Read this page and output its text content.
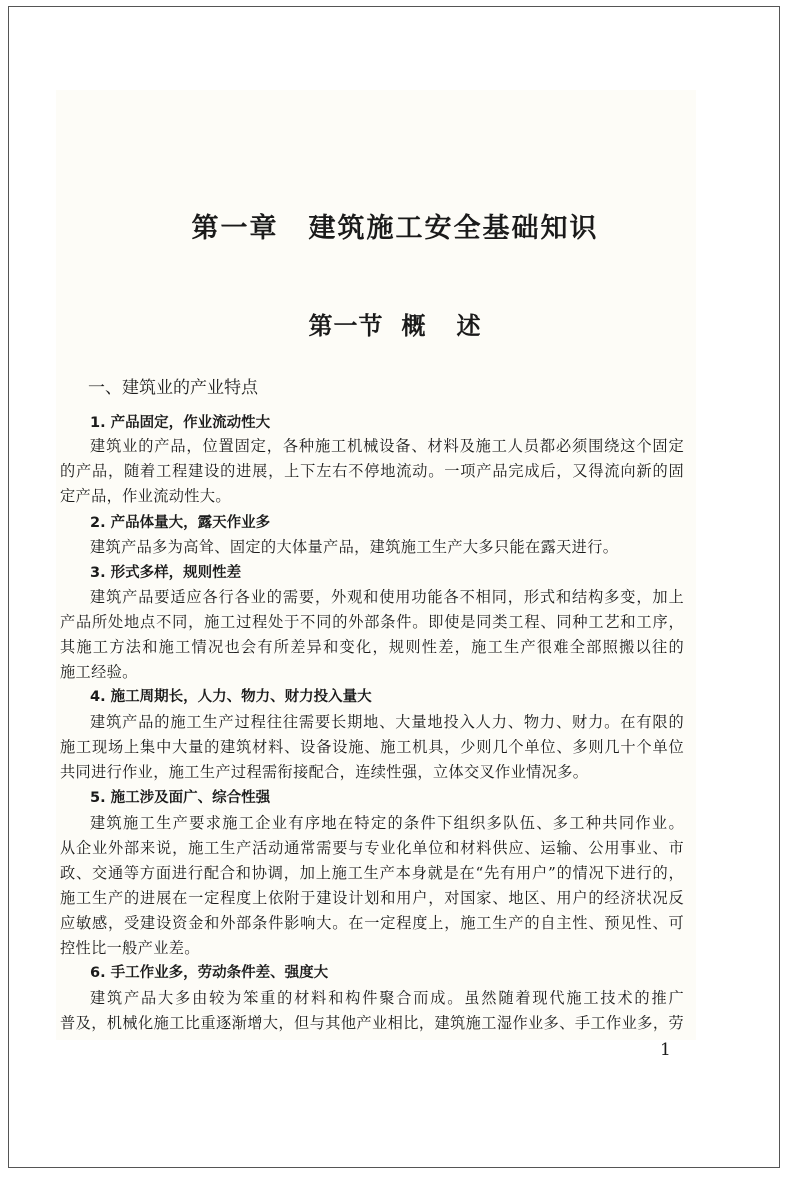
第一章 建筑施工安全基础知识
第一节 概 述
一、建筑业的产业特点
1. 产品固定，作业流动性大
建筑业的产品，位置固定，各种施工机械设备、材料及施工人员都必须围绕这个固定
的产品，随着工程建设的进展，上下左右不停地流动。一项产品完成后，又得流向新的固
定产品，作业流动性大。
2. 产品体量大，露天作业多
建筑产品多为高耸、固定的大体量产品，建筑施工生产大多只能在露天进行。
3. 形式多样，规则性差
建筑产品要适应各行各业的需要，外观和使用功能各不相同，形式和结构多变，加上
产品所处地点不同，施工过程处于不同的外部条件。即使是同类工程、同种工艺和工序，
其施工方法和施工情况也会有所差异和变化，规则性差，施工生产很难全部照搬以往的
施工经验。
4. 施工周期长，人力、物力、财力投入量大
建筑产品的施工生产过程往往需要长期地、大量地投入人力、物力、财力。在有限的
施工现场上集中大量的建筑材料、设备设施、施工机具，少则几个单位、多则几十个单位
共同进行作业，施工生产过程需衔接配合，连续性强，立体交叉作业情况多。
5. 施工涉及面广、综合性强
建筑施工生产要求施工企业有序地在特定的条件下组织多队伍、多工种共同作业。
从企业外部来说，施工生产活动通常需要与专业化单位和材料供应、运输、公用事业、市
政、交通等方面进行配合和协调，加上施工生产本身就是在“先有用户”的情况下进行的，
施工生产的进展在一定程度上依附于建设计划和用户，对国家、地区、用户的经济状况反
应敏感，受建设资金和外部条件影响大。在一定程度上，施工生产的自主性、预见性、可
控性比一般产业差。
6. 手工作业多，劳动条件差、强度大
建筑产品大多由较为笨重的材料和构件聚合而成。虽然随着现代施工技术的推广
普及，机械化施工比重逐渐增大，但与其他产业相比，建筑施工湿作业多、手工作业多，劳
1
